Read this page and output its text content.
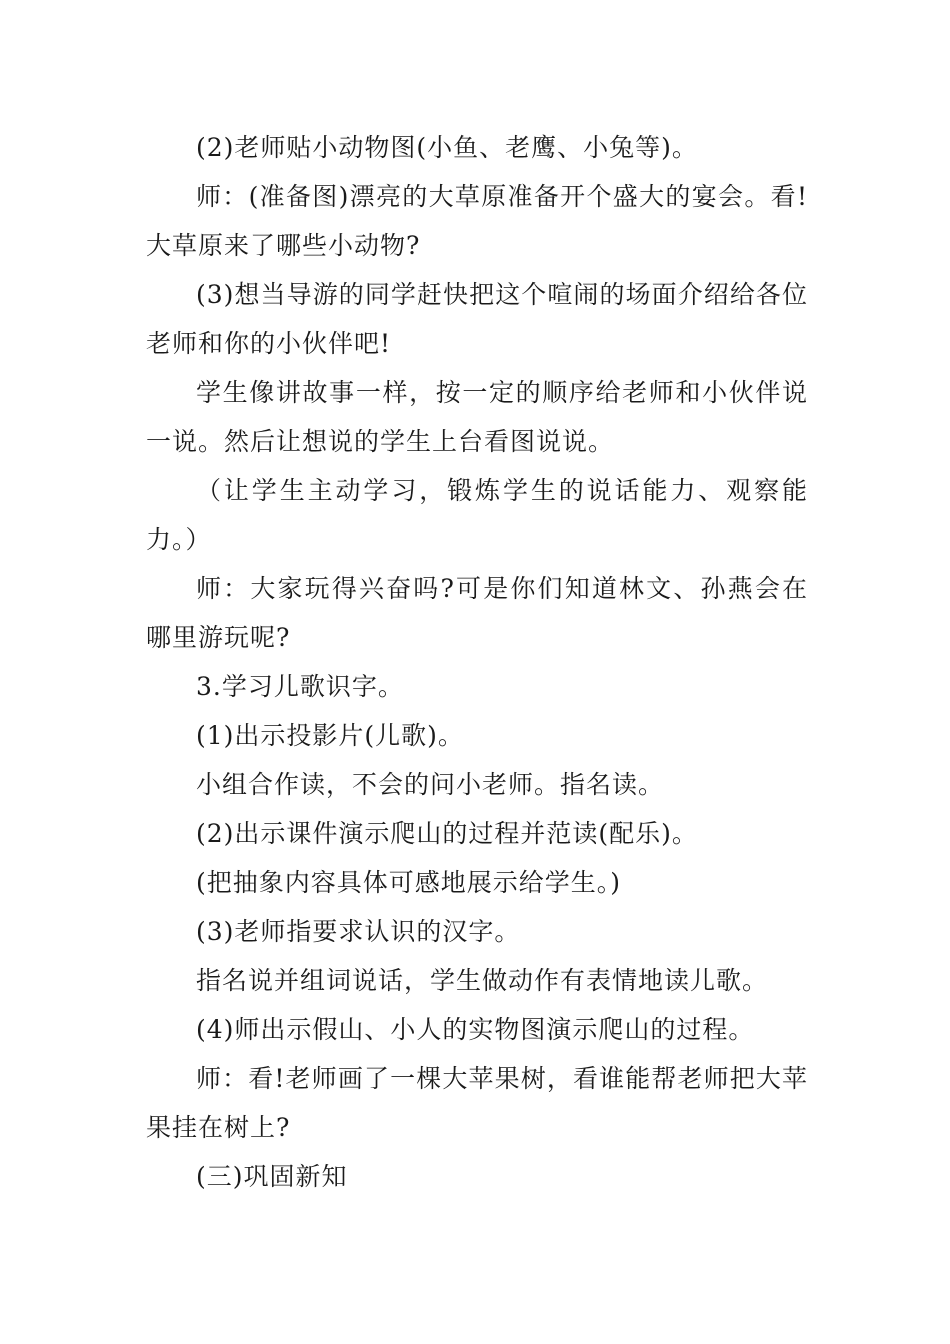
(2)老师贴小动物图(小鱼、老鹰、小兔等)。

师：(准备图)漂亮的大草原准备开个盛大的宴会。看!大草原来了哪些小动物?

(3)想当导游的同学赶快把这个喧闹的场面介绍给各位老师和你的小伙伴吧!

学生像讲故事一样，按一定的顺序给老师和小伙伴说一说。然后让想说的学生上台看图说说。

（让学生主动学习，锻炼学生的说话能力、观察能力。）

师：大家玩得兴奋吗?可是你们知道林文、孙燕会在哪里游玩呢?

3.学习儿歌识字。

(1)出示投影片(儿歌)。

小组合作读，不会的问小老师。指名读。

(2)出示课件演示爬山的过程并范读(配乐)。

(把抽象内容具体可感地展示给学生。)

(3)老师指要求认识的汉字。

指名说并组词说话，学生做动作有表情地读儿歌。

(4)师出示假山、小人的实物图演示爬山的过程。

师：看!老师画了一棵大苹果树，看谁能帮老师把大苹果挂在树上?

(三)巩固新知
